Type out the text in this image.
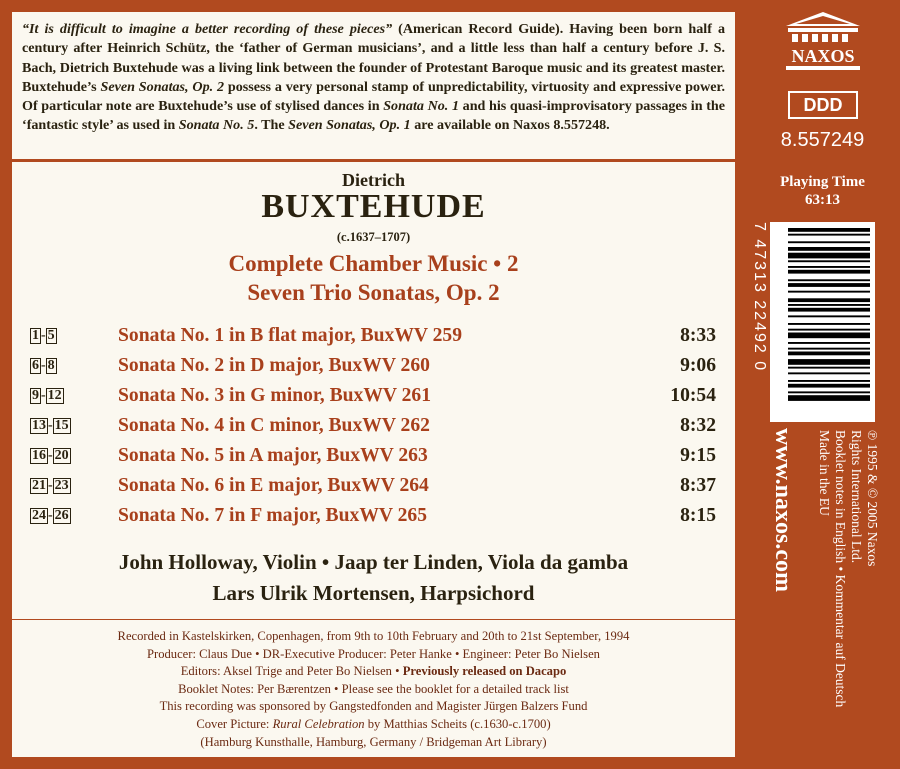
“It is difficult to imagine a better recording of these pieces” (American Record Guide). Having been born half a century after Heinrich Schütz, the ‘father of German musicians’, and a little less than half a century before J. S. Bach, Dietrich Buxtehude was a living link between the founder of Protestant Baroque music and its greatest master. Buxtehude’s Seven Sonatas, Op. 2 possess a very personal stamp of unpredictability, virtuosity and expressive power. Of particular note are Buxtehude’s use of stylised dances in Sonata No. 1 and his quasi-improvisatory passages in the ‘fantastic style’ as used in Sonata No. 5. The Seven Sonatas, Op. 1 are available on Naxos 8.557248.
Dietrich
BUXTEHUDE
(c.1637–1707)
Complete Chamber Music • 2
Seven Trio Sonatas, Op. 2
1 - 5	Sonata No. 1 in B flat major, BuxWV 259	8:33
6 - 8	Sonata No. 2 in D major, BuxWV 260	9:06
9 - 12	Sonata No. 3 in G minor, BuxWV 261	10:54
13 - 15	Sonata No. 4 in C minor, BuxWV 262	8:32
16 - 20	Sonata No. 5 in A major, BuxWV 263	9:15
21 - 23	Sonata No. 6 in E major, BuxWV 264	8:37
24 - 26	Sonata No. 7 in F major, BuxWV 265	8:15
John Holloway, Violin • Jaap ter Linden, Viola da gamba
Lars Ulrik Mortensen, Harpsichord
Recorded in Kastelskirken, Copenhagen, from 9th to 10th February and 20th to 21st September, 1994
Producer: Claus Due • DR-Executive Producer: Peter Hanke • Engineer: Peter Bo Nielsen
Editors: Aksel Trige and Peter Bo Nielsen • Previously released on Dacapo
Booklet Notes: Per Bærentzen • Please see the booklet for a detailed track list
This recording was sponsored by Gangstedfonden and Magister Jürgen Balzers Fund
Cover Picture: Rural Celebration by Matthias Scheits (c.1630-c.1700)
(Hamburg Kunsthalle, Hamburg, Germany / Bridgeman Art Library)
NAXOS
DDD
8.557249
Playing Time
63:13
7 47313 22492 0
www.naxos.com	℗ 1995 & © 2005 Naxos
Rights International Ltd.
Booklet notes in English • Kommentar auf Deutsch
Made in the EU
